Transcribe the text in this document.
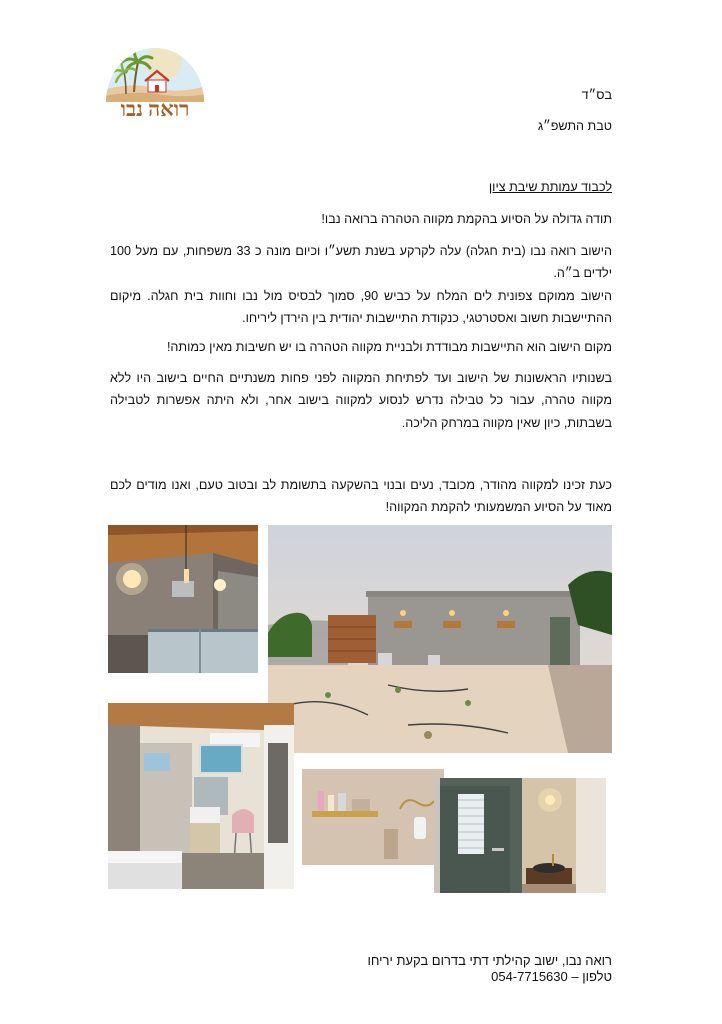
רואה נבו
בס״ד
טבת התשפ״ג
לכבוד עמותת שיבת ציון
תודה גדולה על הסיוע בהקמת מקווה הטהרה ברואה נבו!
הישוב רואה נבו (בית חגלה) עלה לקרקע בשנת תשע״ו וכיום מונה כ 33 משפחות, עם מעל 100 ילדים ב״ה.
הישוב ממוקם צפונית לים המלח על כביש 90, סמוך לבסיס מול נבו וחוות בית חגלה. מיקום ההתיישבות חשוב ואסטרטגי, כנקודת התיישבות יהודית בין הירדן ליריחו.
מקום הישוב הוא התיישבות מבודדת ולבניית מקווה הטהרה בו יש חשיבות מאין כמותה!
בשנותיו הראשונות של הישוב ועד לפתיחת המקווה לפני פחות משנתיים החיים בישוב היו ללא מקווה טהרה, עבור כל טבילה נדרש לנסוע למקווה בישוב אחר, ולא היתה אפשרות לטבילה בשבתות, כיון שאין מקווה במרחק הליכה.
כעת זכינו למקווה מהודר, מכובד, נעים ובנוי בהשקעה בתשומת לב ובטוב טעם, ואנו מודים לכם מאוד על הסיוע המשמעותי להקמת המקווה!
רואה נבו, ישוב קהילתי דתי בדרום בקעת יריחו
טלפון – 054-7715630
